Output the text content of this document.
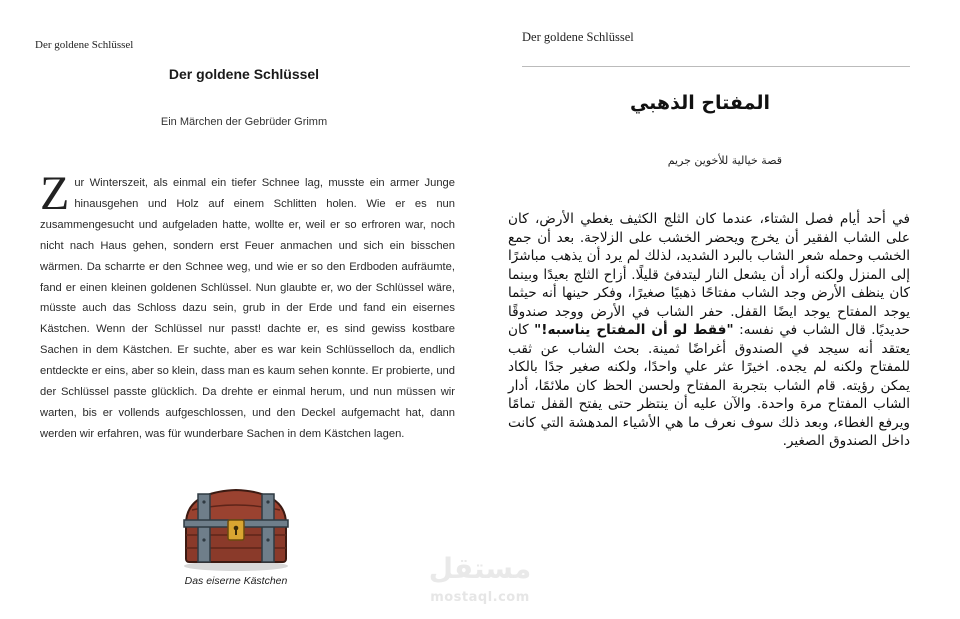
Der goldene Schlüssel
Der goldene Schlüssel
Ein Märchen der Gebrüder Grimm
Zur Winterszeit, als einmal ein tiefer Schnee lag, musste ein armer Junge hinausgehen und Holz auf einem Schlitten holen. Wie er es nun zusammengesucht und aufgeladen hatte, wollte er, weil er so erfroren war, noch nicht nach Haus gehen, sondern erst Feuer anmachen und sich ein bisschen wärmen. Da scharrte er den Schnee weg, und wie er so den Erdboden aufräumte, fand er einen kleinen goldenen Schlüssel. Nun glaubte er, wo der Schlüssel wäre, müsste auch das Schloss dazu sein, grub in der Erde und fand ein eisernes Kästchen. Wenn der Schlüssel nur passt! dachte er, es sind gewiss kostbare Sachen in dem Kästchen. Er suchte, aber es war kein Schlüsselloch da, endlich entdeckte er eins, aber so klein, dass man es kaum sehen konnte. Er probierte, und der Schlüssel passte glücklich. Da drehte er einmal herum, und nun müssen wir warten, bis er vollends aufgeschlossen, und den Deckel aufgemacht hat, dann werden wir erfahren, was für wunderbare Sachen in dem Kästchen lagen.
Das eiserne Kästchen
Der goldene Schlüssel
المفتاح الذهبي
قصة خيالية للأخوين جريم
في أحد أيام فصل الشتاء، عندما كان الثلج الكثيف يغطي الأرض، كان على الشاب الفقير أن يخرج ويحضر الخشب على الزلاجة. بعد أن جمع الخشب وحمله شعر الشاب بالبرد الشديد، لذلك لم يرد أن يذهب مباشرًا إلى المنزل ولكنه أراد أن يشعل النار ليتدفئ قليلًا. أزاح الثلج بعيدًا وبينما كان ينظف الأرض وجد الشاب مفتاحًا ذهبيًا صغيرًا، وفكر حينها أنه حيثما يوجد المفتاح يوجد ايضًا القفل. حفر الشاب في الأرض ووجد صندوقًا حديديًا. قال الشاب في نفسه: "فقط لو أن المفتاح يناسبه!" كان يعتقد أنه سيجد في الصندوق أغراضًا ثمينة. بحث الشاب عن ثقب للمفتاح ولكنه لم يجده. اخيرًا عثر علي واحدًا، ولكنه صغير جدًا بالكاد يمكن رؤيته. قام الشاب بتجربة المفتاح ولحسن الحظ كان ملائمًا، أدار الشاب المفتاح مرة واحدة. والآن عليه أن ينتظر حتى يفتح القفل تمامًا ويرفع الغطاء، وبعد ذلك سوف نعرف ما هي الأشياء المدهشة التي كانت داخل الصندوق الصغير.
مستقل
mostaql.com
